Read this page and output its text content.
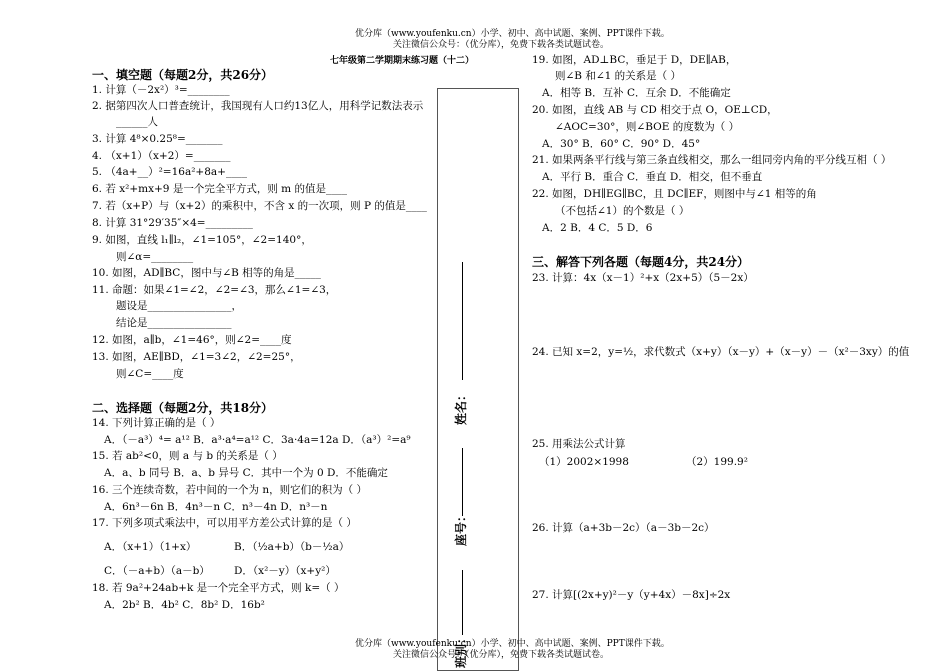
优分库（www.youfenku.cn）小学、初中、高中试题、案例、PPT课件下载。
关注微信公众号：（优分库），免费下载各类试题试卷。
七年级第二学期期末练习题（十二）
一、填空题（每题2分，共26分）
1. 计算（－2x²）³=________
2. 据第四次人口普查统计，我国现有人口约13亿人，用科学记数法表示
______人
3. 计算 4⁸×0.25⁸=_______
4. （x+1）（x+2）=_______
5. （4a+__）²=16a²+8a+____
6. 若 x²+mx+9 是一个完全平方式，则 m 的值是____
7. 若（x+P）与（x+2）的乘积中，不含 x 的一次项，则 P 的值是____
8. 计算 31°29′35″×4=_________
9. 如图，直线 l₁∥l₂，∠1=105°，∠2=140°，
则∠α=________
10. 如图，AD∥BC，图中与∠B 相等的角是_____
11. 命题：如果∠1=∠2，∠2=∠3，那么∠1=∠3，
题设是________________，
结论是________________
12. 如图，a∥b，∠1=46°，则∠2=____度
13. 如图，AE∥BD，∠1=3∠2，∠2=25°，
则∠C=____度
二、选择题（每题2分，共18分）
14. 下列计算正确的是（ ）
A．（－a³）⁴= a¹² B．a³·a⁴=a¹² C．3a·4a=12a D．（a³）²=a⁹
15. 若 ab²<0，则 a 与 b 的关系是（ ）
A．a、b 同号 B．a、b 异号 C．其中一个为 0 D．不能确定
16. 三个连续奇数，若中间的一个为 n，则它们的积为（ ）
A．6n³－6n B．4n³－n C．n³－4n D．n³－n
17. 下列多项式乘法中，可以用平方差公式计算的是（ ）
A．（x+1）（1+x）	B．（½a+b）（b－½a）
C．（－a+b）（a－b） D．（x²－y）（x+y²）
18. 若 9a²+24ab+k 是一个完全平方式，则 k=（ ）
A．2b² B．4b² C．8b² D．16b²
姓名：
座号：
班别：
19. 如图，AD⊥BC，垂足于 D，DE∥AB，
则∠B 和∠1 的关系是（ ）
A．相等 B．互补 C．互余 D．不能确定
20. 如图，直线 AB 与 CD 相交于点 O，OE⊥CD，
∠AOC=30°，则∠BOE 的度数为（ ）
A．30° B．60° C．90° D．45°
21. 如果两条平行线与第三条直线相交，那么一组同旁内角的平分线互相（ ）
A．平行 B．重合 C．垂直 D．相交，但不垂直
22. 如图，DH∥EG∥BC，且 DC∥EF，则图中与∠1 相等的角
（不包括∠1）的个数是（ ）
A．2 B．4 C．5 D．6
三、解答下列各题（每题4分，共24分）
23. 计算：4x（x－1）²+x（2x+5）（5－2x）
24. 已知 x=2，y=½，求代数式（x+y）（x－y）+（x－y）－（x²－3xy）的值
25. 用乘法公式计算
（1）2002×1998	（2）199.9²
26. 计算（a+3b－2c）（a－3b－2c）
27. 计算[(2x+y)²－y（y+4x）－8x]÷2x
优分库（www.youfenku.cn）小学、初中、高中试题、案例、PPT课件下载。
关注微信公众号：（优分库），免费下载各类试题试卷。
